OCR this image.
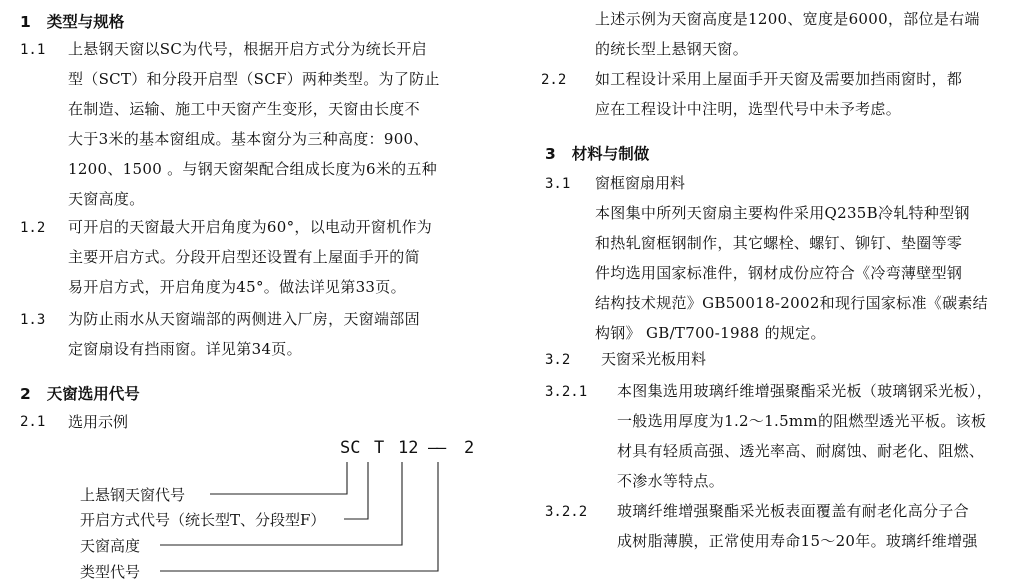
1 类型与规格
1.1 上悬钢天窗以SC为代号，根据开启方式分为统长开启
型（SCT）和分段开启型（SCF）两种类型。为了防止
在制造、运输、施工中天窗产生变形，天窗由长度不
大于3米的基本窗组成。基本窗分为三种高度：900、
1200、1500 。与钢天窗架配合组成长度为6米的五种
天窗高度。
1.2 可开启的天窗最大开启角度为60°，以电动开窗机作为
主要开启方式。分段开启型还设置有上屋面手开的简
易开启方式，开启角度为45°。做法详见第33页。
1.3 为防止雨水从天窗端部的两侧进入厂房，天窗端部固
定窗扇设有挡雨窗。详见第34页。
2 天窗选用代号
2.1 选用示例
SC T 12 —
— 2
上悬钢天窗代号
开启方式代号（统长型T、分段型F）
天窗高度
类型代号
上述示例为天窗高度是1200、宽度是6000，部位是右端
的统长型上悬钢天窗。
2.2 如工程设计采用上屋面手开天窗及需要加挡雨窗时，都
应在工程设计中注明，选型代号中未予考虑。
3 材料与制做
3.1 窗框窗扇用料
本图集中所列天窗扇主要构件采用Q235B冷轧特种型钢
和热轧窗框钢制作，其它螺栓、螺钉、铆钉、垫圈等零
件均选用国家标准件，钢材成份应符合《冷弯薄壁型钢
结构技术规范》GB50018-2002和现行国家标准《碳素结
构钢》 GB/T700-1988 的规定。
3.2 天窗采光板用料
3.2.1 本图集选用玻璃纤维增强聚酯采光板（玻璃钢采光板），
一般选用厚度为1.2～1.5mm的阻燃型透光平板。该板
材具有轻质高强、透光率高、耐腐蚀、耐老化、阻燃、
不渗水等特点。
3.2.2 玻璃纤维增强聚酯采光板表面覆盖有耐老化高分子合
成树脂薄膜，正常使用寿命15～20年。玻璃纤维增强
